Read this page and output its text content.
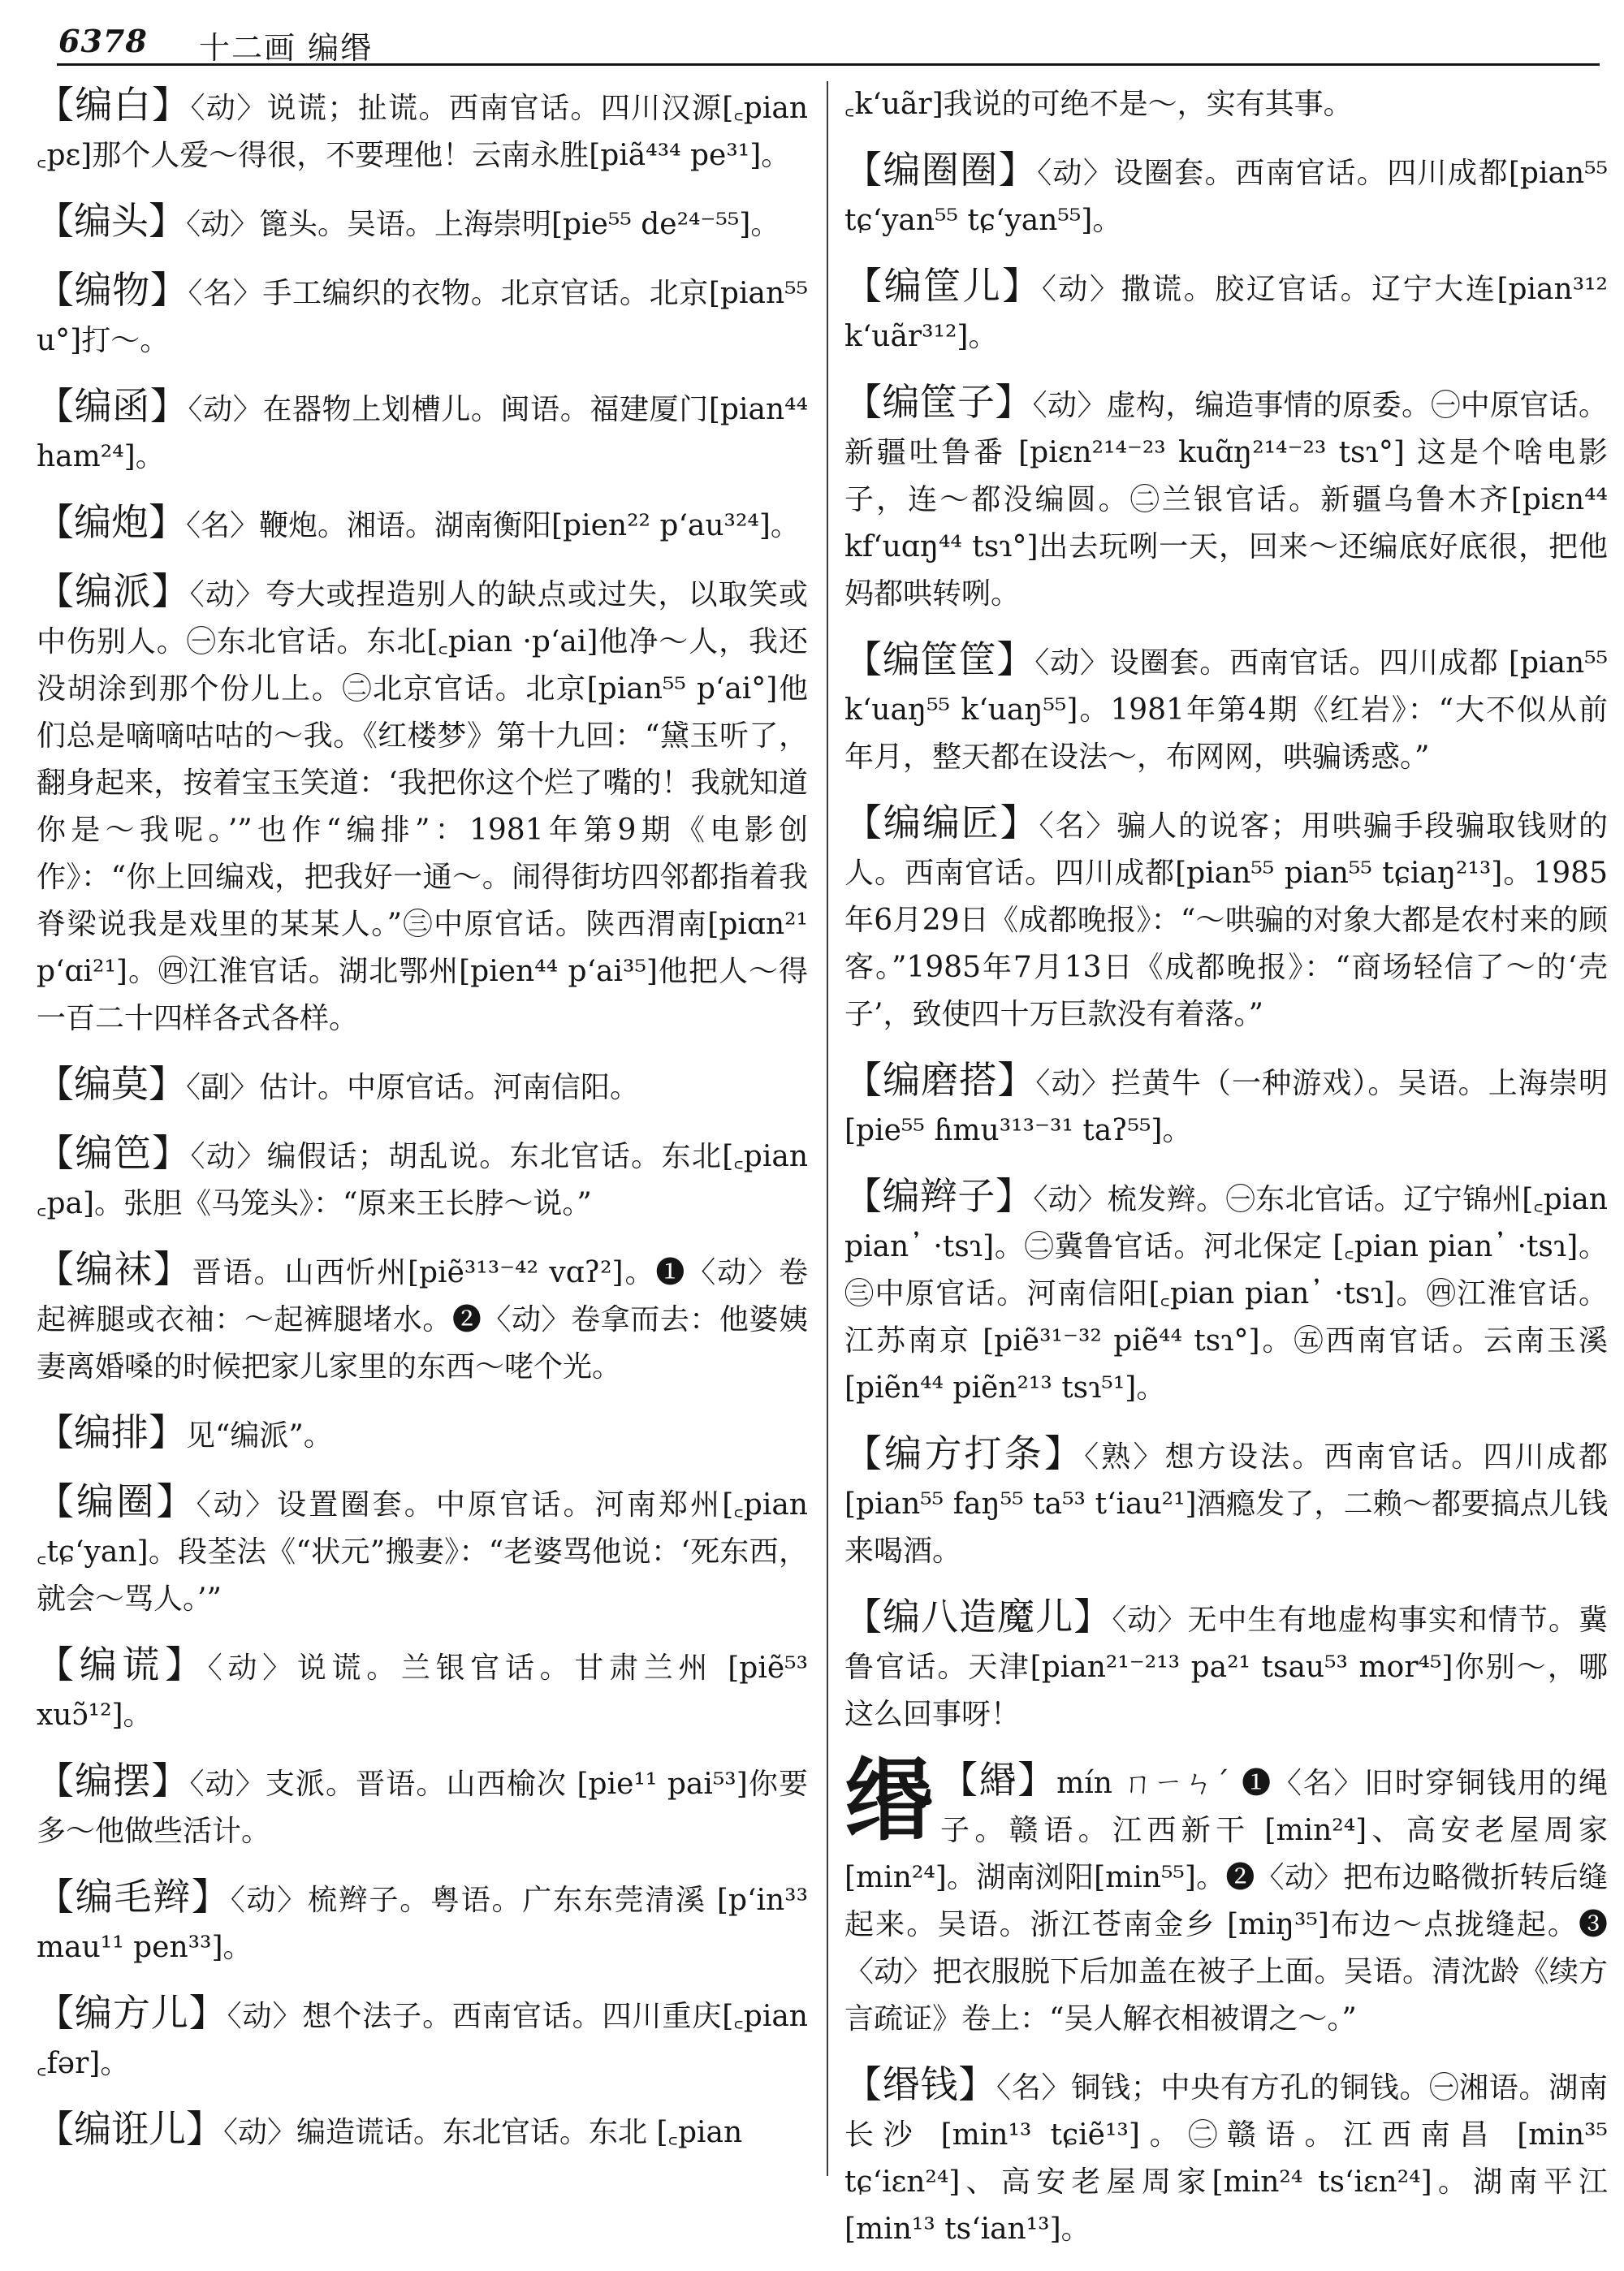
6378 十二画 编缗
【编白】〈动〉说谎；扯谎。西南官话。四川汉源[꜀pian ꜀pɛ]那个人爱～得很，不要理他！云南永胜[piã⁴³⁴ pe³¹]。
【编头】〈动〉篦头。吴语。上海崇明[pie⁵⁵ de²⁴⁻⁵⁵]。
【编物】〈名〉手工编织的衣物。北京官话。北京[pian⁵⁵ u°]打～。
【编函】〈动〉在器物上划槽儿。闽语。福建厦门[pian⁴⁴ ham²⁴]。
【编炮】〈名〉鞭炮。湘语。湖南衡阳[pien²² p‘au³²⁴]。
【编派】〈动〉夸大或捏造别人的缺点或过失，以取笑或中伤别人。㊀东北官话。东北[꜀pian ·p‘ai]他净～人，我还没胡涂到那个份儿上。㊁北京官话。北京[pian⁵⁵ p‘ai°]他们总是嘀嘀咕咕的～我。《红楼梦》第十九回：“黛玉听了，翻身起来，按着宝玉笑道：‘我把你这个烂了嘴的！我就知道你是～我呢。’”也作“编排”：1981年第9期《电影创作》：“你上回编戏，把我好一通～。闹得街坊四邻都指着我脊梁说我是戏里的某某人。”㊂中原官话。陕西渭南[piɑn²¹ p‘ɑi²¹]。㊃江淮官话。湖北鄂州[pien⁴⁴ p‘ai³⁵]他把人～得一百二十四样各式各样。
【编莫】〈副〉估计。中原官话。河南信阳。
【编笆】〈动〉编假话；胡乱说。东北官话。东北[꜀pian ꜀pa]。张胆《马笼头》：“原来王长脖～说。”
【编袜】晋语。山西忻州[piẽ³¹³⁻⁴² vɑʔ²]。❶〈动〉卷起裤腿或衣袖：～起裤腿堵水。❷〈动〉卷拿而去：他婆姨妻离婚嗓的时候把家儿家里的东西～咾个光。
【编排】见“编派”。
【编圈】〈动〉设置圈套。中原官话。河南郑州[꜀pian ꜀tɕ‘yan]。段荃法《“状元”搬妻》：“老婆骂他说：‘死东西，就会～骂人。’”
【编谎】〈动〉说谎。兰银官话。甘肃兰州 [piẽ⁵³ xuɔ̃¹²]。
【编摆】〈动〉支派。晋语。山西榆次 [pie¹¹ pai⁵³]你要多～他做些活计。
【编毛辫】〈动〉梳辫子。粤语。广东东莞清溪 [p‘in³³ mau¹¹ pen³³]。
【编方儿】〈动〉想个法子。西南官话。四川重庆[꜀pian ꜀fər]。
【编诳儿】〈动〉编造谎话。东北官话。东北 [꜀pian
꜀k‘uãr]我说的可绝不是～，实有其事。
【编圈圈】〈动〉设圈套。西南官话。四川成都[pian⁵⁵ tɕ‘yan⁵⁵ tɕ‘yan⁵⁵]。
【编筐儿】〈动〉撒谎。胶辽官话。辽宁大连[pian³¹² k‘uãr³¹²]。
【编筐子】〈动〉虚构，编造事情的原委。㊀中原官话。新疆吐鲁番 [piɛn²¹⁴⁻²³ kuɑ̃ŋ²¹⁴⁻²³ tsɿ°] 这是个啥电影子，连～都没编圆。㊁兰银官话。新疆乌鲁木齐[piɛn⁴⁴ kf‘uɑŋ⁴⁴ tsɿ°]出去玩咧一天，回来～还编底好底很，把他妈都哄转咧。
【编筐筐】〈动〉设圈套。西南官话。四川成都 [pian⁵⁵ k‘uaŋ⁵⁵ k‘uaŋ⁵⁵]。1981年第4期《红岩》：“大不似从前年月，整天都在设法～，布网网，哄骗诱惑。”
【编编匠】〈名〉骗人的说客；用哄骗手段骗取钱财的人。西南官话。四川成都[pian⁵⁵ pian⁵⁵ tɕiaŋ²¹³]。1985年6月29日《成都晚报》：“～哄骗的对象大都是农村来的顾客。”1985年7月13日《成都晚报》：“商场轻信了～的‘壳子’，致使四十万巨款没有着落。”
【编磨搭】〈动〉拦黄牛（一种游戏）。吴语。上海崇明 [pie⁵⁵ ɦmu³¹³⁻³¹ taʔ⁵⁵]。
【编辫子】〈动〉梳发辫。㊀东北官话。辽宁锦州[꜀pian pian᾿ ·tsɿ]。㊁冀鲁官话。河北保定 [꜀pian pian᾿ ·tsɿ]。㊂中原官话。河南信阳[꜀pian pian᾿ ·tsɿ]。㊃江淮官话。江苏南京 [piẽ³¹⁻³² piẽ⁴⁴ tsɿ°]。㊄西南官话。云南玉溪 [piẽn⁴⁴ piẽn²¹³ tsɿ⁵¹]。
【编方打条】〈熟〉想方设法。西南官话。四川成都 [pian⁵⁵ faŋ⁵⁵ ta⁵³ t‘iau²¹]酒瘾发了，二赖～都要搞点儿钱来喝酒。
【编八造魔儿】〈动〉无中生有地虚构事实和情节。冀鲁官话。天津[pian²¹⁻²¹³ pa²¹ tsau⁵³ mor⁴⁵]你别～，哪这么回事呀！
缗 【緡】mín ㄇㄧㄣˊ ❶〈名〉旧时穿铜钱用的绳子。赣语。江西新干 [min²⁴]、高安老屋周家 [min²⁴]。湖南浏阳[min⁵⁵]。❷〈动〉把布边略微折转后缝起来。吴语。浙江苍南金乡 [miŋ³⁵]布边～点拢缝起。❸〈动〉把衣服脱下后加盖在被子上面。吴语。清沈龄《续方言疏证》卷上：“吴人解衣相被谓之～。”
【缗钱】〈名〉铜钱；中央有方孔的铜钱。㊀湘语。湖南长沙 [min¹³ tɕiẽ¹³]。㊁赣语。江西南昌 [min³⁵ tɕ‘iɛn²⁴]、高安老屋周家[min²⁴ ts‘iɛn²⁴]。湖南平江[min¹³ ts‘ian¹³]。
